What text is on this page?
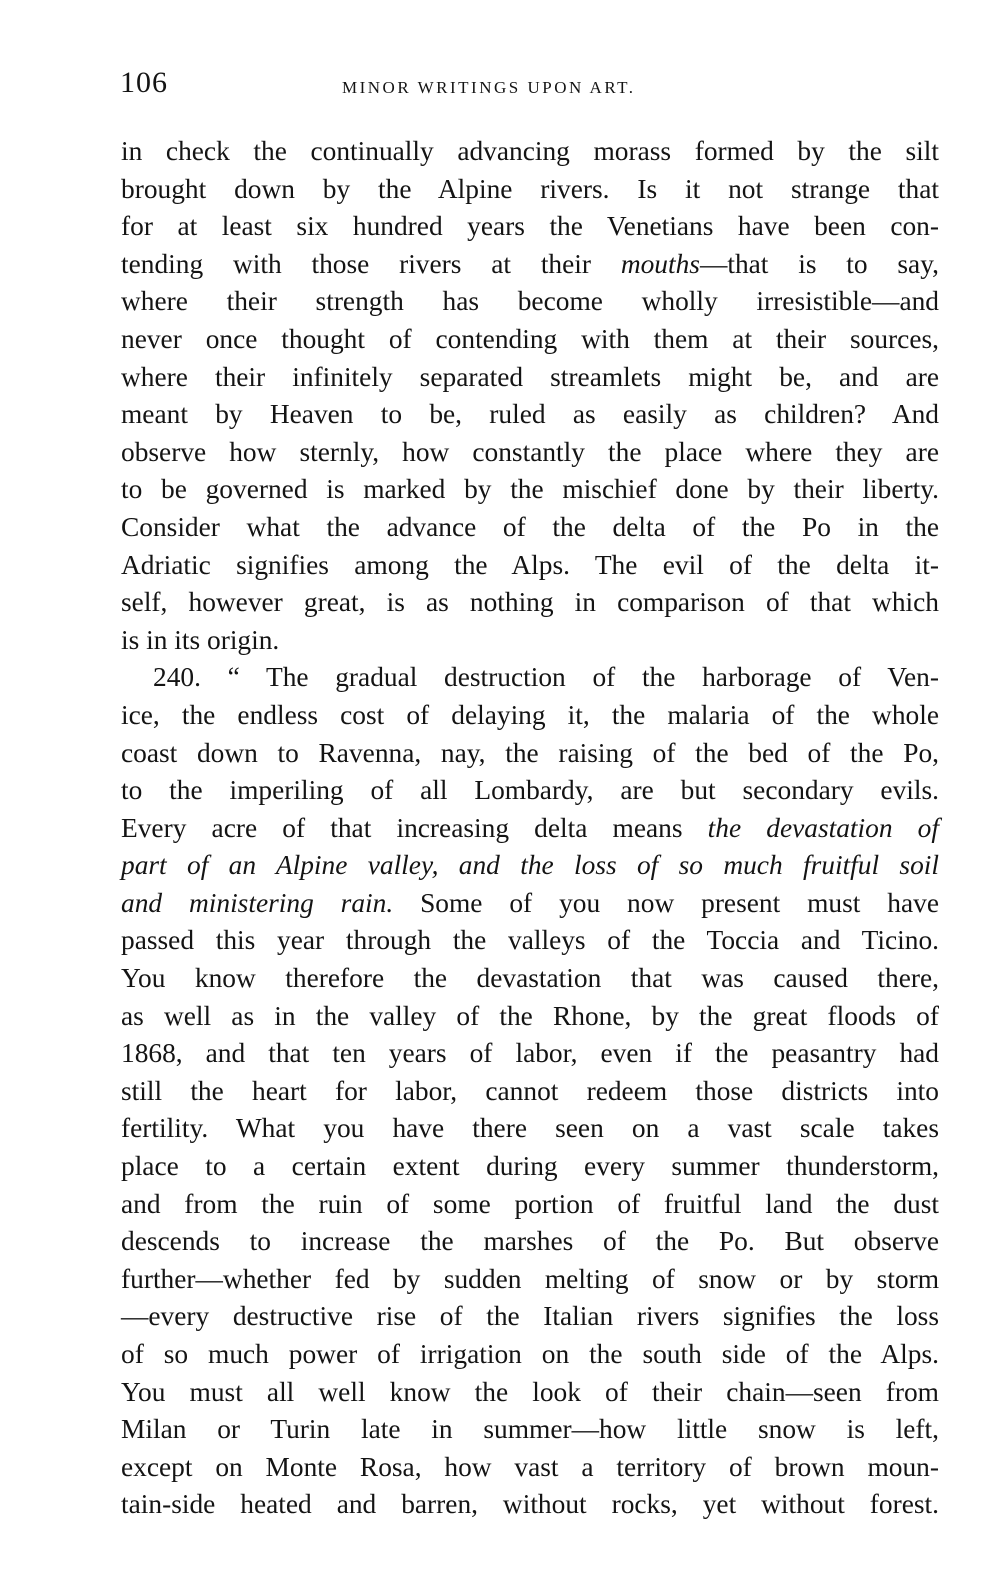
106	MINOR WRITINGS UPON ART.
in check the continually advancing morass formed by the silt
brought down by the Alpine rivers. Is it not strange that
for at least six hundred years the Venetians have been con-
tending with those rivers at their mouths—that is to say,
where their strength has become wholly irresistible—and
never once thought of contending with them at their sources,
where their infinitely separated streamlets might be, and are
meant by Heaven to be, ruled as easily as children? And
observe how sternly, how constantly the place where they are
to be governed is marked by the mischief done by their liberty.
Consider what the advance of the delta of the Po in the
Adriatic signifies among the Alps. The evil of the delta it-
self, however great, is as nothing in comparison of that which
is in its origin.
240. “ The gradual destruction of the harborage of Ven-
ice, the endless cost of delaying it, the malaria of the whole
coast down to Ravenna, nay, the raising of the bed of the Po,
to the imperiling of all Lombardy, are but secondary evils.
Every acre of that increasing delta means the devastation of
part of an Alpine valley, and the loss of so much fruitful soil
and ministering rain. Some of you now present must have
passed this year through the valleys of the Toccia and Ticino.
You know therefore the devastation that was caused there,
as well as in the valley of the Rhone, by the great floods of
1868, and that ten years of labor, even if the peasantry had
still the heart for labor, cannot redeem those districts into
fertility. What you have there seen on a vast scale takes
place to a certain extent during every summer thunderstorm,
and from the ruin of some portion of fruitful land the dust
descends to increase the marshes of the Po. But observe
further—whether fed by sudden melting of snow or by storm
—every destructive rise of the Italian rivers signifies the loss
of so much power of irrigation on the south side of the Alps.
You must all well know the look of their chain—seen from
Milan or Turin late in summer—how little snow is left,
except on Monte Rosa, how vast a territory of brown moun-
tain-side heated and barren, without rocks, yet without forest.
